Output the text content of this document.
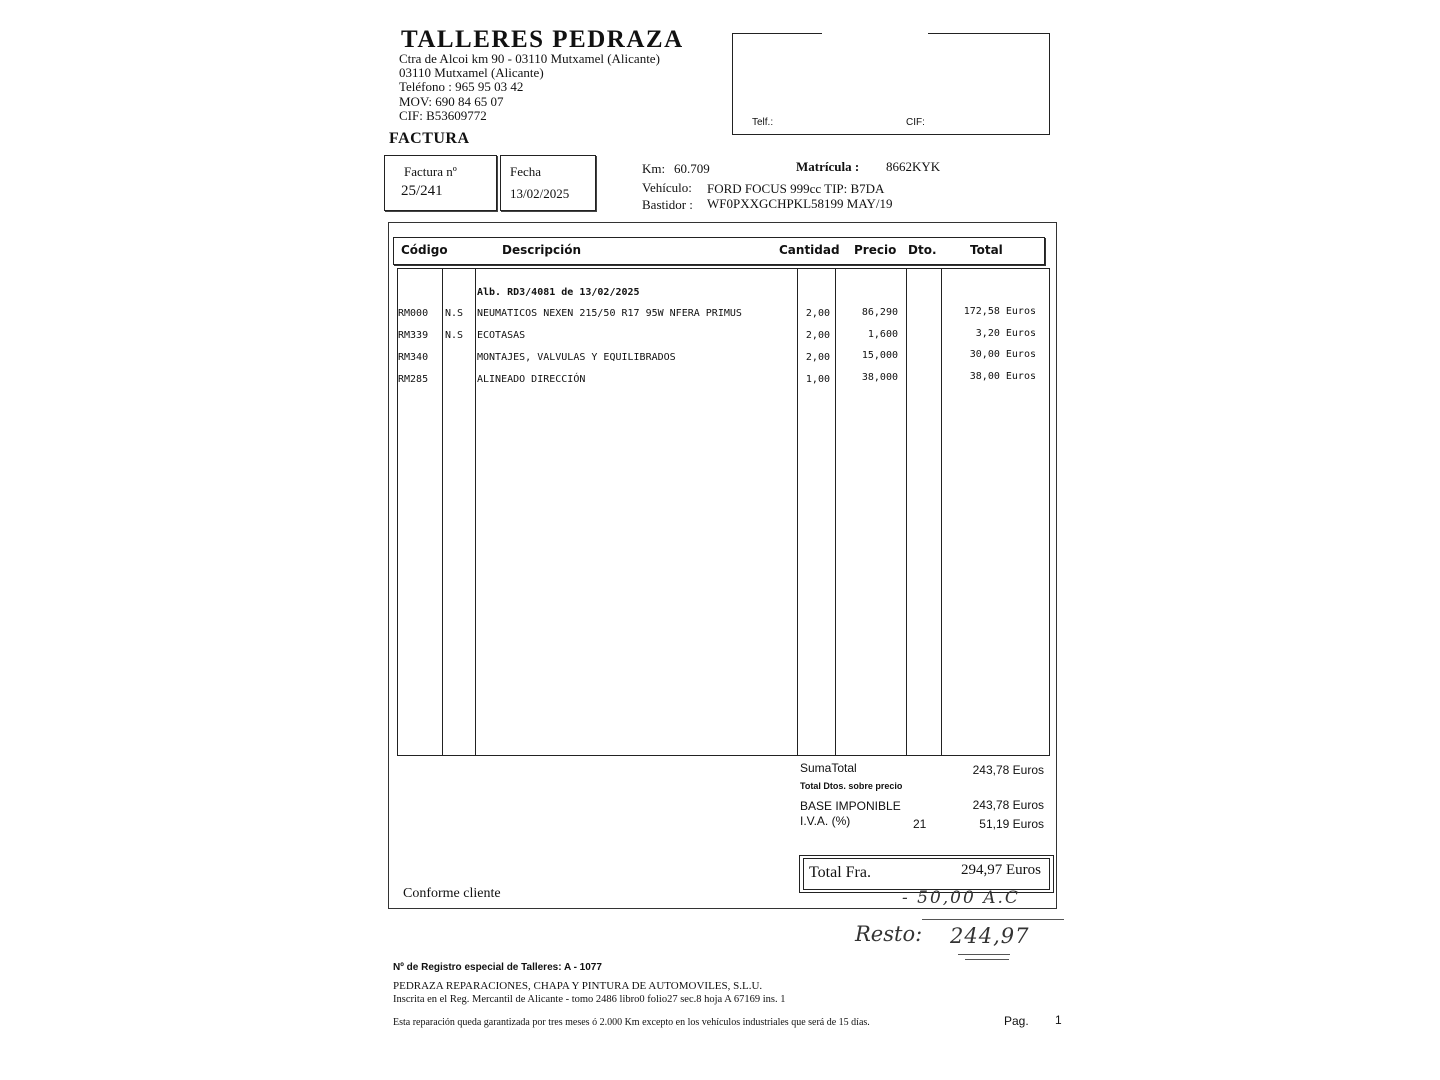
TALLERES PEDRAZA
Ctra de Alcoi km 90 - 03110 Mutxamel (Alicante)
03110 Mutxamel (Alicante)
Teléfono : 965 95 03 42
MOV: 690 84 65 07
CIF: B53609772
FACTURA
Telf.:	CIF:
Factura nº
25/241
Fecha
13/02/2025
Km: 60.709	Matrícula : 8662KYK
Vehículo: FORD FOCUS 999cc TIP: B7DA
Bastidor : WF0PXXGCHPKL58199 MAY/19
Código	Descripción	Cantidad Precio Dto.	Total
Alb. RD3/4081 de 13/02/2025
RM000 N.S NEUMATICOS NEXEN 215/50 R17 95W NFERA PRIMUS	2,00	86,290	172,58 Euros
RM339 N.S ECOTASAS	2,00	1,600	3,20 Euros
RM340	MONTAJES, VALVULAS Y EQUILIBRADOS	2,00	15,000	30,00 Euros
RM285	ALINEADO DIRECCIÓN	1,00	38,000	38,00 Euros
SumaTotal	243,78 Euros
Total Dtos. sobre precio
BASE IMPONIBLE	243,78 Euros
I.V.A. (%)	21	51,19 Euros
Total Fra.	294,97 Euros
Conforme cliente	- 50,00 A.C
Resto: 244,97
Nº de Registro especial de Talleres: A - 1077
PEDRAZA REPARACIONES, CHAPA Y PINTURA DE AUTOMOVILES, S.L.U.
Inscrita en el Reg. Mercantil de Alicante - tomo 2486 libro0 folio27 sec.8 hoja A 67169 ins. 1
Esta reparación queda garantizada por tres meses ó 2.000 Km excepto en los vehículos industriales que será de 15 días.	Pag. 1
